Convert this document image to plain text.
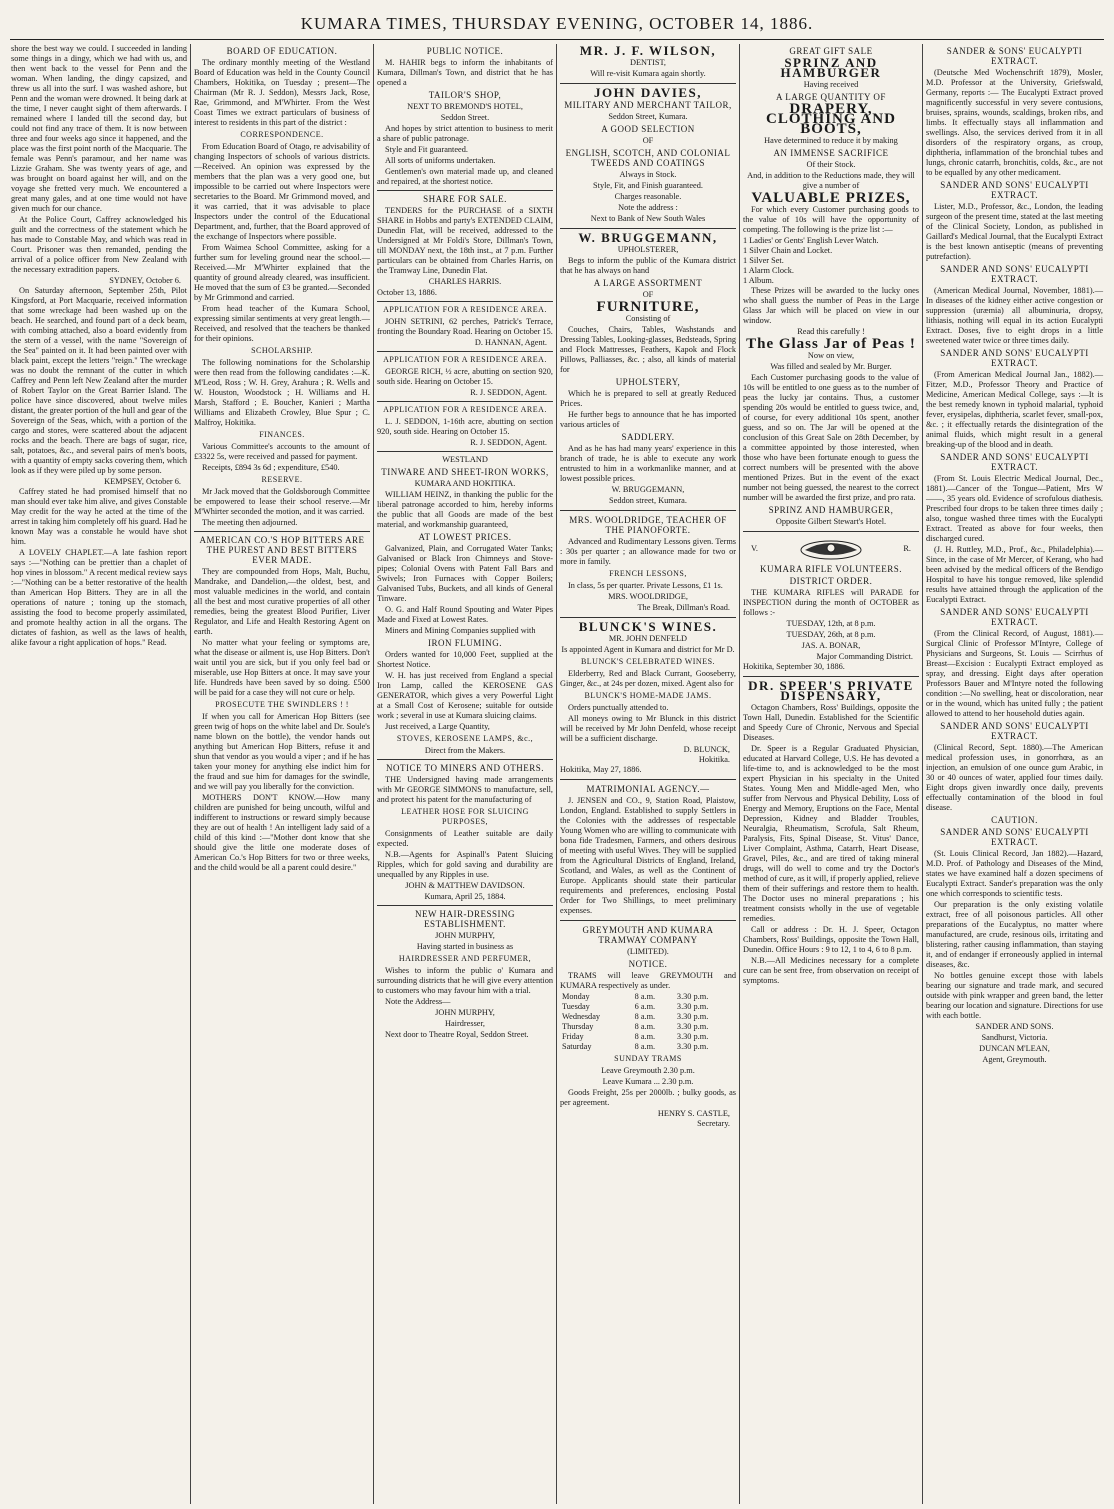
KUMARA TIMES, THURSDAY EVENING, OCTOBER 14, 1886.

shore the best way we could. I succeeded in landing some things in a dingy, which we had with us, and then went back to the vessel for Penn and the woman. When landing, the dingy capsized, and threw us all into the surf. I was washed ashore, but Penn and the woman were drowned. It being dark at the time, I never caught sight of them afterwards. I remained where I landed till the second day, but could not find any trace of them. It is now between three and four weeks ago since it happened, and the place was the first point north of the Macquarie. The female was Penn's paramour, and her name was Lizzie Graham. She was twenty years of age, and was brought on board against her will, and on the voyage she fretted very much. We encountered a great many gales, and at one time would not have given much for our chance.

At the Police Court, Caffrey acknowledged his guilt and the correctness of the statement which he has made to Constable May, and which was read in Court. Prisoner was then remanded, pending the arrival of a police officer from New Zealand with the necessary extradition papers.

SYDNEY, October 6.

On Saturday afternoon, September 25th, Pilot Kingsford, at Port Macquarie, received information that some wreckage had been washed up on the beach. He searched, and found part of a deck beam, with combing attached, also a board evidently from the stern of a vessel, with the name "Sovereign of the Sea" painted on it. It had been painted over with black paint, except the letters "reign." The wreckage was no doubt the remnant of the cutter in which Caffrey and Penn left New Zealand after the murder of Robert Taylor on the Great Barrier Island. The police have since discovered, about twelve miles distant, the greater portion of the hull and gear of the Sovereign of the Seas, which, with a portion of the cargo and stores, were scattered about the adjacent rocks and the beach. There are bags of sugar, rice, salt, potatoes, &c., and several pairs of men's boots, with a quantity of empty sacks covering them, which look as if they were piled up by some person.

KEMPSEY, October 6.

Caffrey stated he had promised himself that no man should ever take him alive, and gives Constable May credit for the way he acted at the time of the arrest in taking him completely off his guard. Had he known May was a constable he would have shot him.

A LOVELY CHAPLET.—A late fashion report says :—"Nothing can be prettier than a chaplet of hop vines in blossom." A recent medical review says :—"Nothing can be a better restorative of the health than American Hop Bitters. They are in all the operations of nature ; toning up the stomach, assisting the food to become properly assimilated, and promote healthy action in all the organs. The dictates of fashion, as well as the laws of health, alike favour a right application of hops." Read.

BOARD OF EDUCATION.

The ordinary monthly meeting of the Westland Board of Education was held in the County Council Chambers, Hokitika, on Tuesday ; present—The Chairman (Mr R. J. Seddon), Messrs Jack, Rose, Rae, Grimmond, and M'Whirter. From the West Coast Times we extract particulars of business of interest to residents in this part of the district :

CORRESPONDENCE.

From Education Board of Otago, re advisability of changing Inspectors of schools of various districts.—Received. An opinion was expressed by the members that the plan was a very good one, but impossible to be carried out where Inspectors were secretaries to the Board. Mr Grimmond moved, and it was carried, that it was advisable to place Inspectors under the control of the Educational Department, and, further, that the Board approved of the exchange of Inspectors where possible.

From Waimea School Committee, asking for a further sum for leveling ground near the school.—Received.—Mr M'Whirter explained that the quantity of ground already cleared, was insufficient. He moved that the sum of £3 be granted.—Seconded by Mr Grimmond and carried.

From head teacher of the Kumara School, expressing similar sentiments at very great length.—Received, and resolved that the teachers be thanked for their opinions.

SCHOLARSHIP.

The following nominations for the Scholarship were then read from the following candidates :—K. M'Leod, Ross ; W. H. Grey, Arahura ; R. Wells and W. Houston, Woodstock ; H. Williams and H. Marsh, Stafford ; E. Boucher, Kanieri ; Martha Williams and Elizabeth Crowley, Blue Spur ; C. Malfroy, Hokitika.

FINANCES.

Various Committee's accounts to the amount of £3322 5s, were received and passed for payment.

Receipts, £894 3s 6d ; expenditure, £540.

RESERVE.

Mr Jack moved that the Goldsborough Committee be empowered to lease their school reserve.—Mr M'Whirter seconded the motion, and it was carried.

The meeting then adjourned.

AMERICAN CO.'S HOP BITTERS ARE THE PUREST AND BEST BITTERS EVER MADE.

They are compounded from Hops, Malt, Buchu, Mandrake, and Dandelion,—the oldest, best, and most valuable medicines in the world, and contain all the best and most curative properties of all other remedies, being the greatest Blood Purifier, Liver Regulator, and Life and Health Restoring Agent on earth.

No matter what your feeling or symptoms are, what the disease or ailment is, use Hop Bitters. Don't wait until you are sick, but if you only feel bad or miserable, use Hop Bitters at once. It may save your life. Hundreds have been saved by so doing. £500 will be paid for a case they will not cure or help.

PROSECUTE THE SWINDLERS ! !

If when you call for American Hop Bitters (see green twig of hops on the white label and Dr. Soule's name blown on the bottle), the vendor hands out anything but American Hop Bitters, refuse it and shun that vendor as you would a viper ; and if he has taken your money for anything else indict him for the fraud and sue him for damages for the swindle, and we will pay you liberally for the conviction.

MOTHERS DON'T KNOW.—How many children are punished for being uncouth, wilful and indifferent to instructions or reward simply because they are out of health ! An intelligent lady said of a child of this kind :—"Mother dont know that she should give the little one moderate doses of American Co.'s Hop Bitters for two or three weeks, and the child would be all a parent could desire."

PUBLIC NOTICE.

M. HAHIR begs to inform the inhabitants of Kumara, Dillman's Town, and district that he has opened a

TAILOR'S SHOP,
NEXT TO BREMOND'S HOTEL,
Seddon Street.

And hopes by strict attention to business to merit a share of public patronage.

Style and Fit guaranteed.

All sorts of uniforms undertaken.

Gentlemen's own material made up, and cleaned and repaired, at the shortest notice.

SHARE FOR SALE.

TENDERS for the PURCHASE of a SIXTH SHARE in Hobbs and party's EXTENDED CLAIM, Dunedin Flat, will be received, addressed to the Undersigned at Mr Foldi's Store, Dillman's Town, till MONDAY next, the 18th inst., at 7 p.m. Further particulars can be obtained from Charles Harris, on the Tramway Line, Dunedin Flat.

CHARLES HARRIS.
October 13, 1886.
APPLICATION FOR A RESIDENCE AREA.

JOHN SETRINI, 62 perches, Patrick's Terrace, fronting the Boundary Road. Hearing on October 15.

D. HANNAN, Agent.
APPLICATION FOR A RESIDENCE AREA.

GEORGE RICH, ½ acre, abutting on section 920, south side. Hearing on October 15.

R. J. SEDDON, Agent.
APPLICATION FOR A RESIDENCE AREA.

L. J. SEDDON, 1-16th acre, abutting on section 920, south side. Hearing on October 15.

R. J. SEDDON, Agent.
WESTLAND
TINWARE AND SHEET-IRON WORKS,
KUMARA AND HOKITIKA.

WILLIAM HEINZ, in thanking the public for the liberal patronage accorded to him, hereby informs the public that all Goods are made of the best material, and workmanship guaranteed,

AT LOWEST PRICES.

Galvanized, Plain, and Corrugated Water Tanks; Galvanised or Black Iron Chimneys and Stove-pipes; Colonial Ovens with Patent Fall Bars and Swivels; Iron Furnaces with Copper Boilers; Galvanised Tubs, Buckets, and all kinds of General Tinware.

O. G. and Half Round Spouting and Water Pipes Made and Fixed at Lowest Rates.

Miners and Mining Companies supplied with

IRON FLUMING.

Orders wanted for 10,000 Feet, supplied at the Shortest Notice.

W. H. has just received from England a special Iron Lamp, called the KEROSENE GAS GENERATOR, which gives a very Powerful Light at a Small Cost of Kerosene; suitable for outside work ; several in use at Kumara sluicing claims.

Just received, a Large Quantity,

STOVES, KEROSENE LAMPS, &c.,
Direct from the Makers.
NOTICE TO MINERS AND OTHERS.

THE Undersigned having made arrangements with Mr GEORGE SIMMONS to manufacture, sell, and protect his patent for the manufacturing of

LEATHER HOSE FOR SLUICING PURPOSES,

Consignments of Leather suitable are daily expected.

N.B.—Agents for Aspinall's Patent Sluicing Ripples, which for gold saving and durability are unequalled by any Ripples in use.

JOHN & MATTHEW DAVIDSON.
Kumara, April 25, 1884.
NEW HAIR-DRESSING ESTABLISHMENT.
JOHN MURPHY,
Having started in business as
HAIRDRESSER AND PERFUMER,

Wishes to inform the public o' Kumara and surrounding districts that he will give every attention to customers who may favour him with a trial.

Note the Address—

JOHN MURPHY,
Hairdresser,

Next door to Theatre Royal, Seddon Street.

MR. J. F. WILSON,
DENTIST,
Will re-visit Kumara again shortly.
JOHN DAVIES,
MILITARY AND MERCHANT TAILOR,
Seddon Street, Kumara.
A GOOD SELECTION
OF
ENGLISH, SCOTCH, AND COLONIAL TWEEDS AND COATINGS
Always in Stock.
Style, Fit, and Finish guaranteed.
Charges reasonable.
Note the address :
Next to Bank of New South Wales
W. BRUGGEMANN,
UPHOLSTERER,

Begs to inform the public of the Kumara district that he has always on hand

A LARGE ASSORTMENT
OF
FURNITURE,
Consisting of

Couches, Chairs, Tables, Washstands and Dressing Tables, Looking-glasses, Bedsteads, Spring and Flock Mattresses, Feathers, Kapok and Flock Pillows, Palliasses, &c. ; also, all kinds of material for

UPHOLSTERY,

Which he is prepared to sell at greatly Reduced Prices.

He further begs to announce that he has imported various articles of

SADDLERY.

And as he has had many years' experience in this branch of trade, he is able to execute any work entrusted to him in a workmanlike manner, and at lowest possible prices.

W. BRUGGEMANN,
Seddon street, Kumara.
MRS. WOOLDRIDGE, TEACHER OF THE PIANOFORTE.

Advanced and Rudimentary Lessons given. Terms : 30s per quarter ; an allowance made for two or more in family.

FRENCH LESSONS,

In class, 5s per quarter. Private Lessons, £1 1s.

MRS. WOOLDRIDGE,
The Break, Dillman's Road.
BLUNCK'S WINES.
MR. JOHN DENFELD
Is appointed Agent in Kumara and district for Mr D.
BLUNCK'S CELEBRATED WINES.

Elderberry, Red and Black Currant, Gooseberry, Ginger, &c., at 24s per dozen, mixed. Agent also for

BLUNCK'S HOME-MADE JAMS.

Orders punctually attended to.

All moneys owing to Mr Blunck in this district will be received by Mr John Denfeld, whose receipt will be a sufficient discharge.

D. BLUNCK,
Hokitika.
Hokitika, May 27, 1886.
MATRIMONIAL AGENCY.—

J. JENSEN and CO., 9, Station Road, Plaistow, London, England. Established to supply Settlers in the Colonies with the addresses of respectable Young Women who are willing to communicate with bona fide Tradesmen, Farmers, and others desirous of meeting with useful Wives. They will be supplied from the Agricultural Districts of England, Ireland, Scotland, and Wales, as well as the Continent of Europe. Applicants should state their particular requirements and preferences, enclosing Postal Order for Two Shillings, to meet preliminary expenses.

GREYMOUTH AND KUMARA TRAMWAY COMPANY
(LIMITED).
NOTICE.

TRAMS will leave GREYMOUTH and KUMARA respectively as under.

Monday	8 a.m.	3.30 p.m.
Tuesday	6 a.m.	3.30 p.m.
Wednesday	8 a.m.	3.30 p.m.
Thursday	8 a.m.	3.30 p.m.
Friday	8 a.m.	3.30 p.m.
Saturday	8 a.m.	3.30 p.m.
SUNDAY TRAMS
Leave Greymouth 2.30 p.m.
Leave Kumara ... 2.30 p.m.

Goods Freight, 25s per 2000lb. ; bulky goods, as per agreement.

HENRY S. CASTLE,
Secretary.
GREAT GIFT SALE
SPRINZ AND HAMBURGER
Having received
A LARGE QUANTITY OF
DRAPERY, CLOTHING AND BOOTS,
Have determined to reduce it by making
AN IMMENSE SACRIFICE
Of their Stock.
And, in addition to the Reductions made, they will give a number of
VALUABLE PRIZES,

For which every Customer purchasing goods to the value of 10s will have the opportunity of competing. The following is the prize list :—

1 Ladies' or Gents' English Lever Watch.
1 Silver Chain and Locket.
1 Silver Set.
1 Alarm Clock.
1 Album.

These Prizes will be awarded to the lucky ones who shall guess the number of Peas in the Large Glass Jar which will be placed on view in our window.

Read this carefully !
The Glass Jar of Peas !
Now on view,
Was filled and sealed by Mr. Burger.

Each Customer purchasing goods to the value of 10s will be entitled to one guess as to the number of peas the lucky jar contains. Thus, a customer spending 20s would be entitled to guess twice, and, of course, for every additional 10s spent, another guess, and so on. The Jar will be opened at the conclusion of this Great Sale on 28th December, by a committee appointed by those interested, when those who have been fortunate enough to guess the correct numbers will be presented with the above mentioned Prizes. But in the event of the exact number not being guessed, the nearest to the correct number will be awarded the first prize, and pro rata.

SPRINZ AND HAMBURGER,
Opposite Gilbert Stewart's Hotel.
V.	R.
KUMARA RIFLE VOLUNTEERS.
DISTRICT ORDER.

THE KUMARA RIFLES will PARADE for INSPECTION during the month of OCTOBER as follows :-

TUESDAY, 12th, at 8 p.m.
TUESDAY, 26th, at 8 p.m.
JAS. A. BONAR,
Major Commanding District.
Hokitika, September 30, 1886.
DR. SPEER'S PRIVATE DISPENSARY,

Octagon Chambers, Ross' Buildings, opposite the Town Hall, Dunedin. Established for the Scientific and Speedy Cure of Chronic, Nervous and Special Diseases.

Dr. Speer is a Regular Graduated Physician, educated at Harvard College, U.S. He has devoted a life-time to, and is acknowledged to be the most expert Physician in his specialty in the United States. Young Men and Middle-aged Men, who suffer from Nervous and Physical Debility, Loss of Energy and Memory, Eruptions on the Face, Mental Depression, Kidney and Bladder Troubles, Neuralgia, Rheumatism, Scrofula, Salt Rheum, Paralysis, Fits, Spinal Disease, St. Vitus' Dance, Liver Complaint, Asthma, Catarrh, Heart Disease, Gravel, Piles, &c., and are tired of taking mineral drugs, will do well to come and try the Doctor's method of cure, as it will, if properly applied, relieve them of their sufferings and restore them to health. The Doctor uses no mineral preparations ; his treatment consists wholly in the use of vegetable remedies.

Call or address : Dr. H. J. Speer, Octagon Chambers, Ross' Buildings, opposite the Town Hall, Dunedin. Office Hours : 9 to 12, 1 to 4, 6 to 8 p.m.

N.B.—All Medicines necessary for a complete cure can be sent free, from observation on receipt of symptoms.

SANDER & SONS' EUCALYPTI EXTRACT.

(Deutsche Med Wochenschrift 1879), Mosler, M.D. Professor at the University, Griefswald, Germany, reports :— The Eucalypti Extract proved magnificently successful in very severe contusions, bruises, sprains, wounds, scaldings, broken ribs, and limbs. It effectually stays all inflammation and swellings. Also, the services derived from it in all disorders of the respiratory organs, as croup, diphtheria, inflammation of the bronchial tubes and lungs, chronic catarrh, bronchitis, colds, &c., are not to be equalled by any other medicament.

SANDER AND SONS' EUCALYPTI EXTRACT.

Lister, M.D., Professor, &c., London, the leading surgeon of the present time, stated at the last meeting of the Clinical Society, London, as published in Gaillard's Medical Journal, that the Eucalypti Extract is the best known antiseptic (means of preventing putrefaction).

SANDER AND SONS' EUCALYPTI EXTRACT.

(American Medical Journal, November, 1881).—In diseases of the kidney either active congestion or suppression (uræmia) all albuminuria, dropsy, lithiasis, nothing will equal in its action Eucalypti Extract. Doses, five to eight drops in a little sweetened water twice or three times daily.

SANDER AND SONS' EUCALYPTI EXTRACT.

(From American Medical Journal Jan., 1882).—Fitzer, M.D., Professor Theory and Practice of Medicine, American Medical College, says :—It is the best remedy known in typhoid malarial, typhoid fever, erysipelas, diphtheria, scarlet fever, small-pox, &c. ; it effectually retards the disintegration of the animal fluids, which might result in a general breaking-up of the blood and in death.

SANDER AND SONS' EUCALYPTI EXTRACT.

(From St. Louis Electric Medical Journal, Dec., 1881).—Cancer of the Tongue—Patient, Mrs W——, 35 years old. Evidence of scrofulous diathesis. Prescribed four drops to be taken three times daily ; also, tongue washed three times with the Eucalypti Extract. Treated as above for four weeks, then discharged cured.

(J. H. Ruttley, M.D., Prof., &c., Philadelphia).—Since, in the case of Mr Mercer, of Kerang, who had been advised by the medical officers of the Bendigo Hospital to have his tongue removed, like splendid results have attained through the application of the Eucalypti Extract.

SANDER AND SONS' EUCALYPTI EXTRACT.

(From the Clinical Record, of August, 1881).—Surgical Clinic of Professor M'Intyre, College of Physicians and Surgeons, St. Louis — Scirrhus of Breast—Excision : Eucalypti Extract employed as spray, and dressing. Eight days after operation Professors Bauer and M'Intyre noted the following condition :—No swelling, heat or discoloration, near or in the wound, which has united fully ; the patient allowed to attend to her household duties again.

SANDER AND SONS' EUCALYPTI EXTRACT.

(Clinical Record, Sept. 1880).—The American medical profession uses, in gonorrhœa, as an injection, an emulsion of one ounce gum Arabic, in 30 or 40 ounces of water, applied four times daily. Eight drops given inwardly once daily, prevents effectually contamination of the blood in foul disease.

CAUTION.
SANDER AND SONS' EUCALYPTI EXTRACT.

(St. Louis Clinical Record, Jan 1882).—Hazard, M.D. Prof. of Pathology and Diseases of the Mind, states we have examined half a dozen specimens of Eucalypti Extract. Sander's preparation was the only one which corresponds to scientific tests.

Our preparation is the only existing volatile extract, free of all poisonous particles. All other preparations of the Eucalyptus, no matter where manufactured, are crude, resinous oils, irritating and blistering, rather causing inflammation, than staying it, and of endanger if erroneously applied in internal diseases, &c.

No bottles genuine except those with labels bearing our signature and trade mark, and secured outside with pink wrapper and green band, the letter bearing our location and signature. Directions for use with each bottle.

SANDER AND SONS.
Sandhurst, Victoria.
DUNCAN M'LEAN,
Agent, Greymouth.
